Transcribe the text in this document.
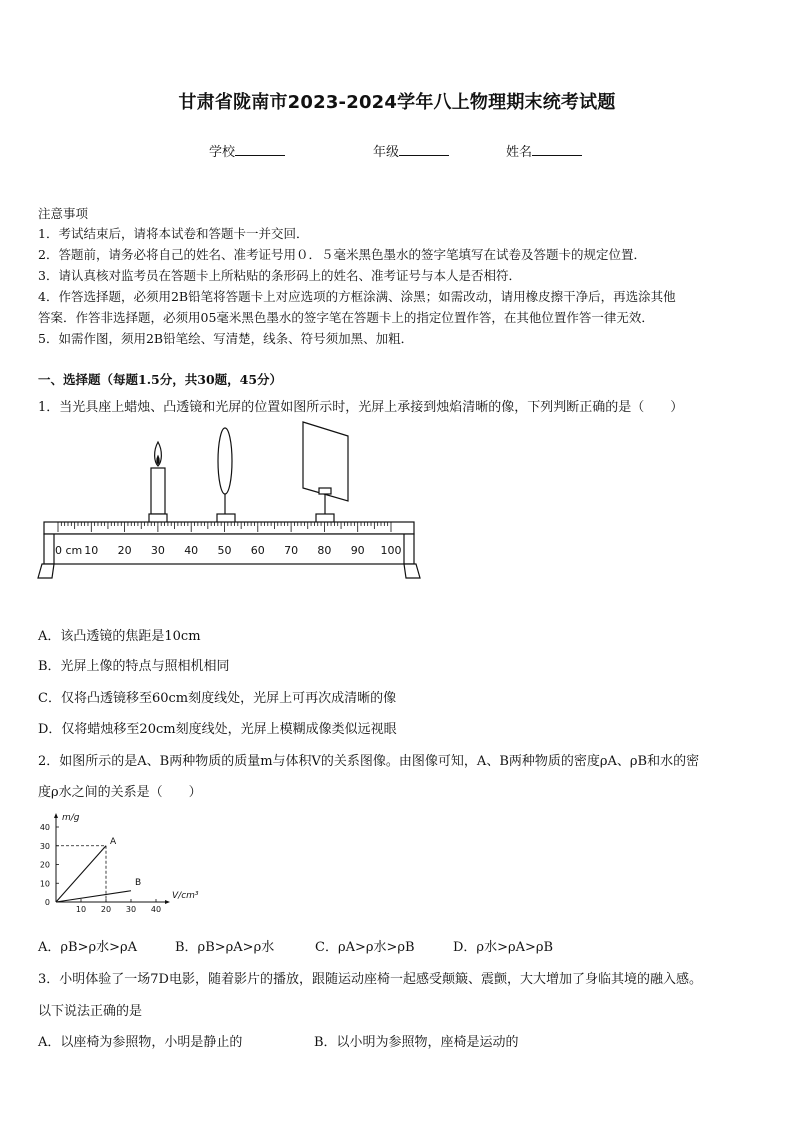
甘肃省陇南市2023-2024学年八上物理期末统考试题
学校	年级	姓名
注意事项
1．考试结束后，请将本试卷和答题卡一并交回．
2．答题前，请务必将自己的姓名、准考证号用０．５毫米黑色墨水的签字笔填写在试卷及答题卡的规定位置．
3．请认真核对监考员在答题卡上所粘贴的条形码上的姓名、准考证号与本人是否相符．
4．作答选择题，必须用2B铅笔将答题卡上对应选项的方框涂满、涂黑；如需改动，请用橡皮擦干净后，再选涂其他
答案．作答非选择题，必须用05毫米黑色墨水的签字笔在答题卡上的指定位置作答，在其他位置作答一律无效．
5．如需作图，须用2B铅笔绘、写清楚，线条、符号须加黑、加粗．
一、选择题（每题1.5分，共30题，45分）
1．当光具座上蜡烛、凸透镜和光屏的位置如图所示时，光屏上承接到烛焰清晰的像，下列判断正确的是（　　）
0 cm 10 20 30 40 50 60 70 80 90 100
A．该凸透镜的焦距是10cm
B．光屏上像的特点与照相机相同
C．仅将凸透镜移至60cm刻度线处，光屏上可再次成清晰的像
D．仅将蜡烛移至20cm刻度线处，光屏上模糊成像类似远视眼
2．如图所示的是A、B两种物质的质量m与体积V的关系图像。由图像可知，A、B两种物质的密度ρA、ρB和水的密
度ρ水之间的关系是（　　）
0
10
20
30
40
10 20 30 40
A
B
m/g
V/cm³
A．ρB>ρ水>ρA	B．ρB>ρA>ρ水	C．ρA>ρ水>ρB	D．ρ水>ρA>ρB
3．小明体验了一场7D电影，随着影片的播放，跟随运动座椅一起感受颠簸、震颤，大大增加了身临其境的融入感。
以下说法正确的是
A．以座椅为参照物，小明是静止的	B．以小明为参照物，座椅是运动的
